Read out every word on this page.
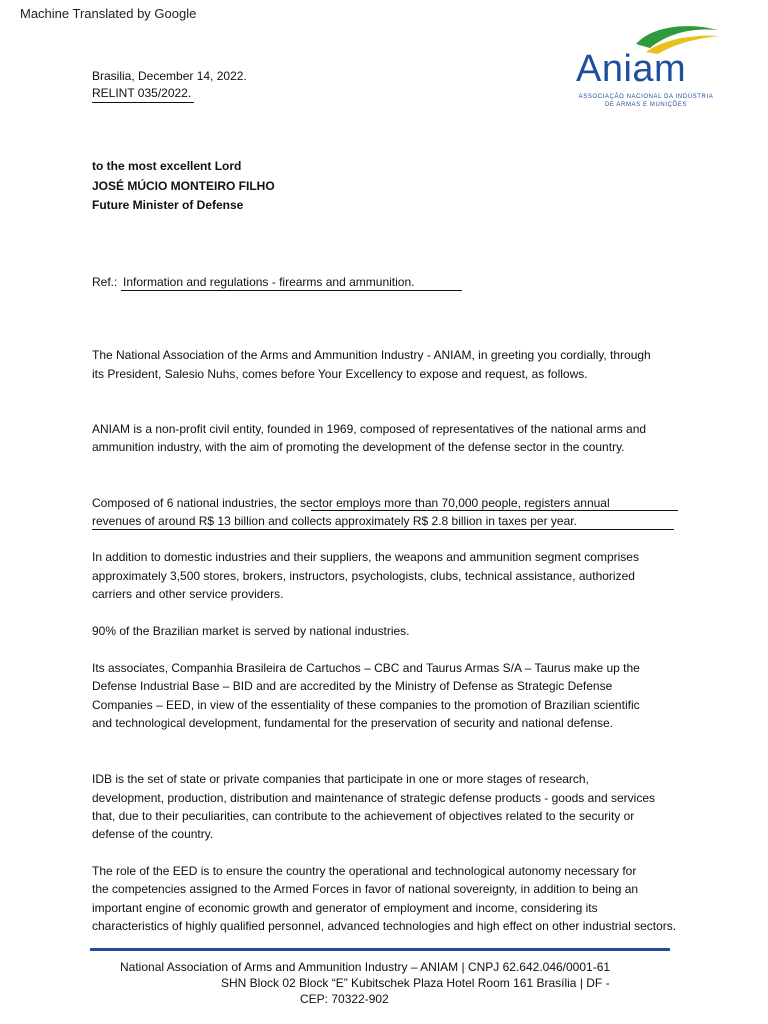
Machine Translated by Google
Aniam
ASSOCIAÇÃO NACIONAL DA INDÚSTRIA
DE ARMAS E MUNIÇÕES
Brasilia, December 14, 2022.
RELINT 035/2022.
to the most excellent Lord
JOSÉ MÚCIO MONTEIRO FILHO
Future Minister of Defense
Ref.: Information and regulations - firearms and ammunition.
The National Association of the Arms and Ammunition Industry - ANIAM, in greeting you cordially, through
its President, Salesio Nuhs, comes before Your Excellency to expose and request, as follows.
ANIAM is a non-profit civil entity, founded in 1969, composed of representatives of the national arms and
ammunition industry, with the aim of promoting the development of the defense sector in the country.
Composed of 6 national industries, the sector employs more than 70,000 people, registers annual
revenues of around R$ 13 billion and collects approximately R$ 2.8 billion in taxes per year.
In addition to domestic industries and their suppliers, the weapons and ammunition segment comprises
approximately 3,500 stores, brokers, instructors, psychologists, clubs, technical assistance, authorized
carriers and other service providers.
90% of the Brazilian market is served by national industries.
Its associates, Companhia Brasileira de Cartuchos – CBC and Taurus Armas S/A – Taurus make up the
Defense Industrial Base – BID and are accredited by the Ministry of Defense as Strategic Defense
Companies – EED, in view of the essentiality of these companies to the promotion of Brazilian scientific
and technological development, fundamental for the preservation of security and national defense.
IDB is the set of state or private companies that participate in one or more stages of research,
development, production, distribution and maintenance of strategic defense products - goods and services
that, due to their peculiarities, can contribute to the achievement of objectives related to the security or
defense of the country.
The role of the EED is to ensure the country the operational and technological autonomy necessary for
the competencies assigned to the Armed Forces in favor of national sovereignty, in addition to being an
important engine of economic growth and generator of employment and income, considering its
characteristics of highly qualified personnel, advanced technologies and high effect on other industrial sectors.
National Association of Arms and Ammunition Industry – ANIAM | CNPJ 62.642.046/0001-61
SHN Block 02 Block “E” Kubitschek Plaza Hotel Room 161 Brasília | DF -
CEP: 70322-902
